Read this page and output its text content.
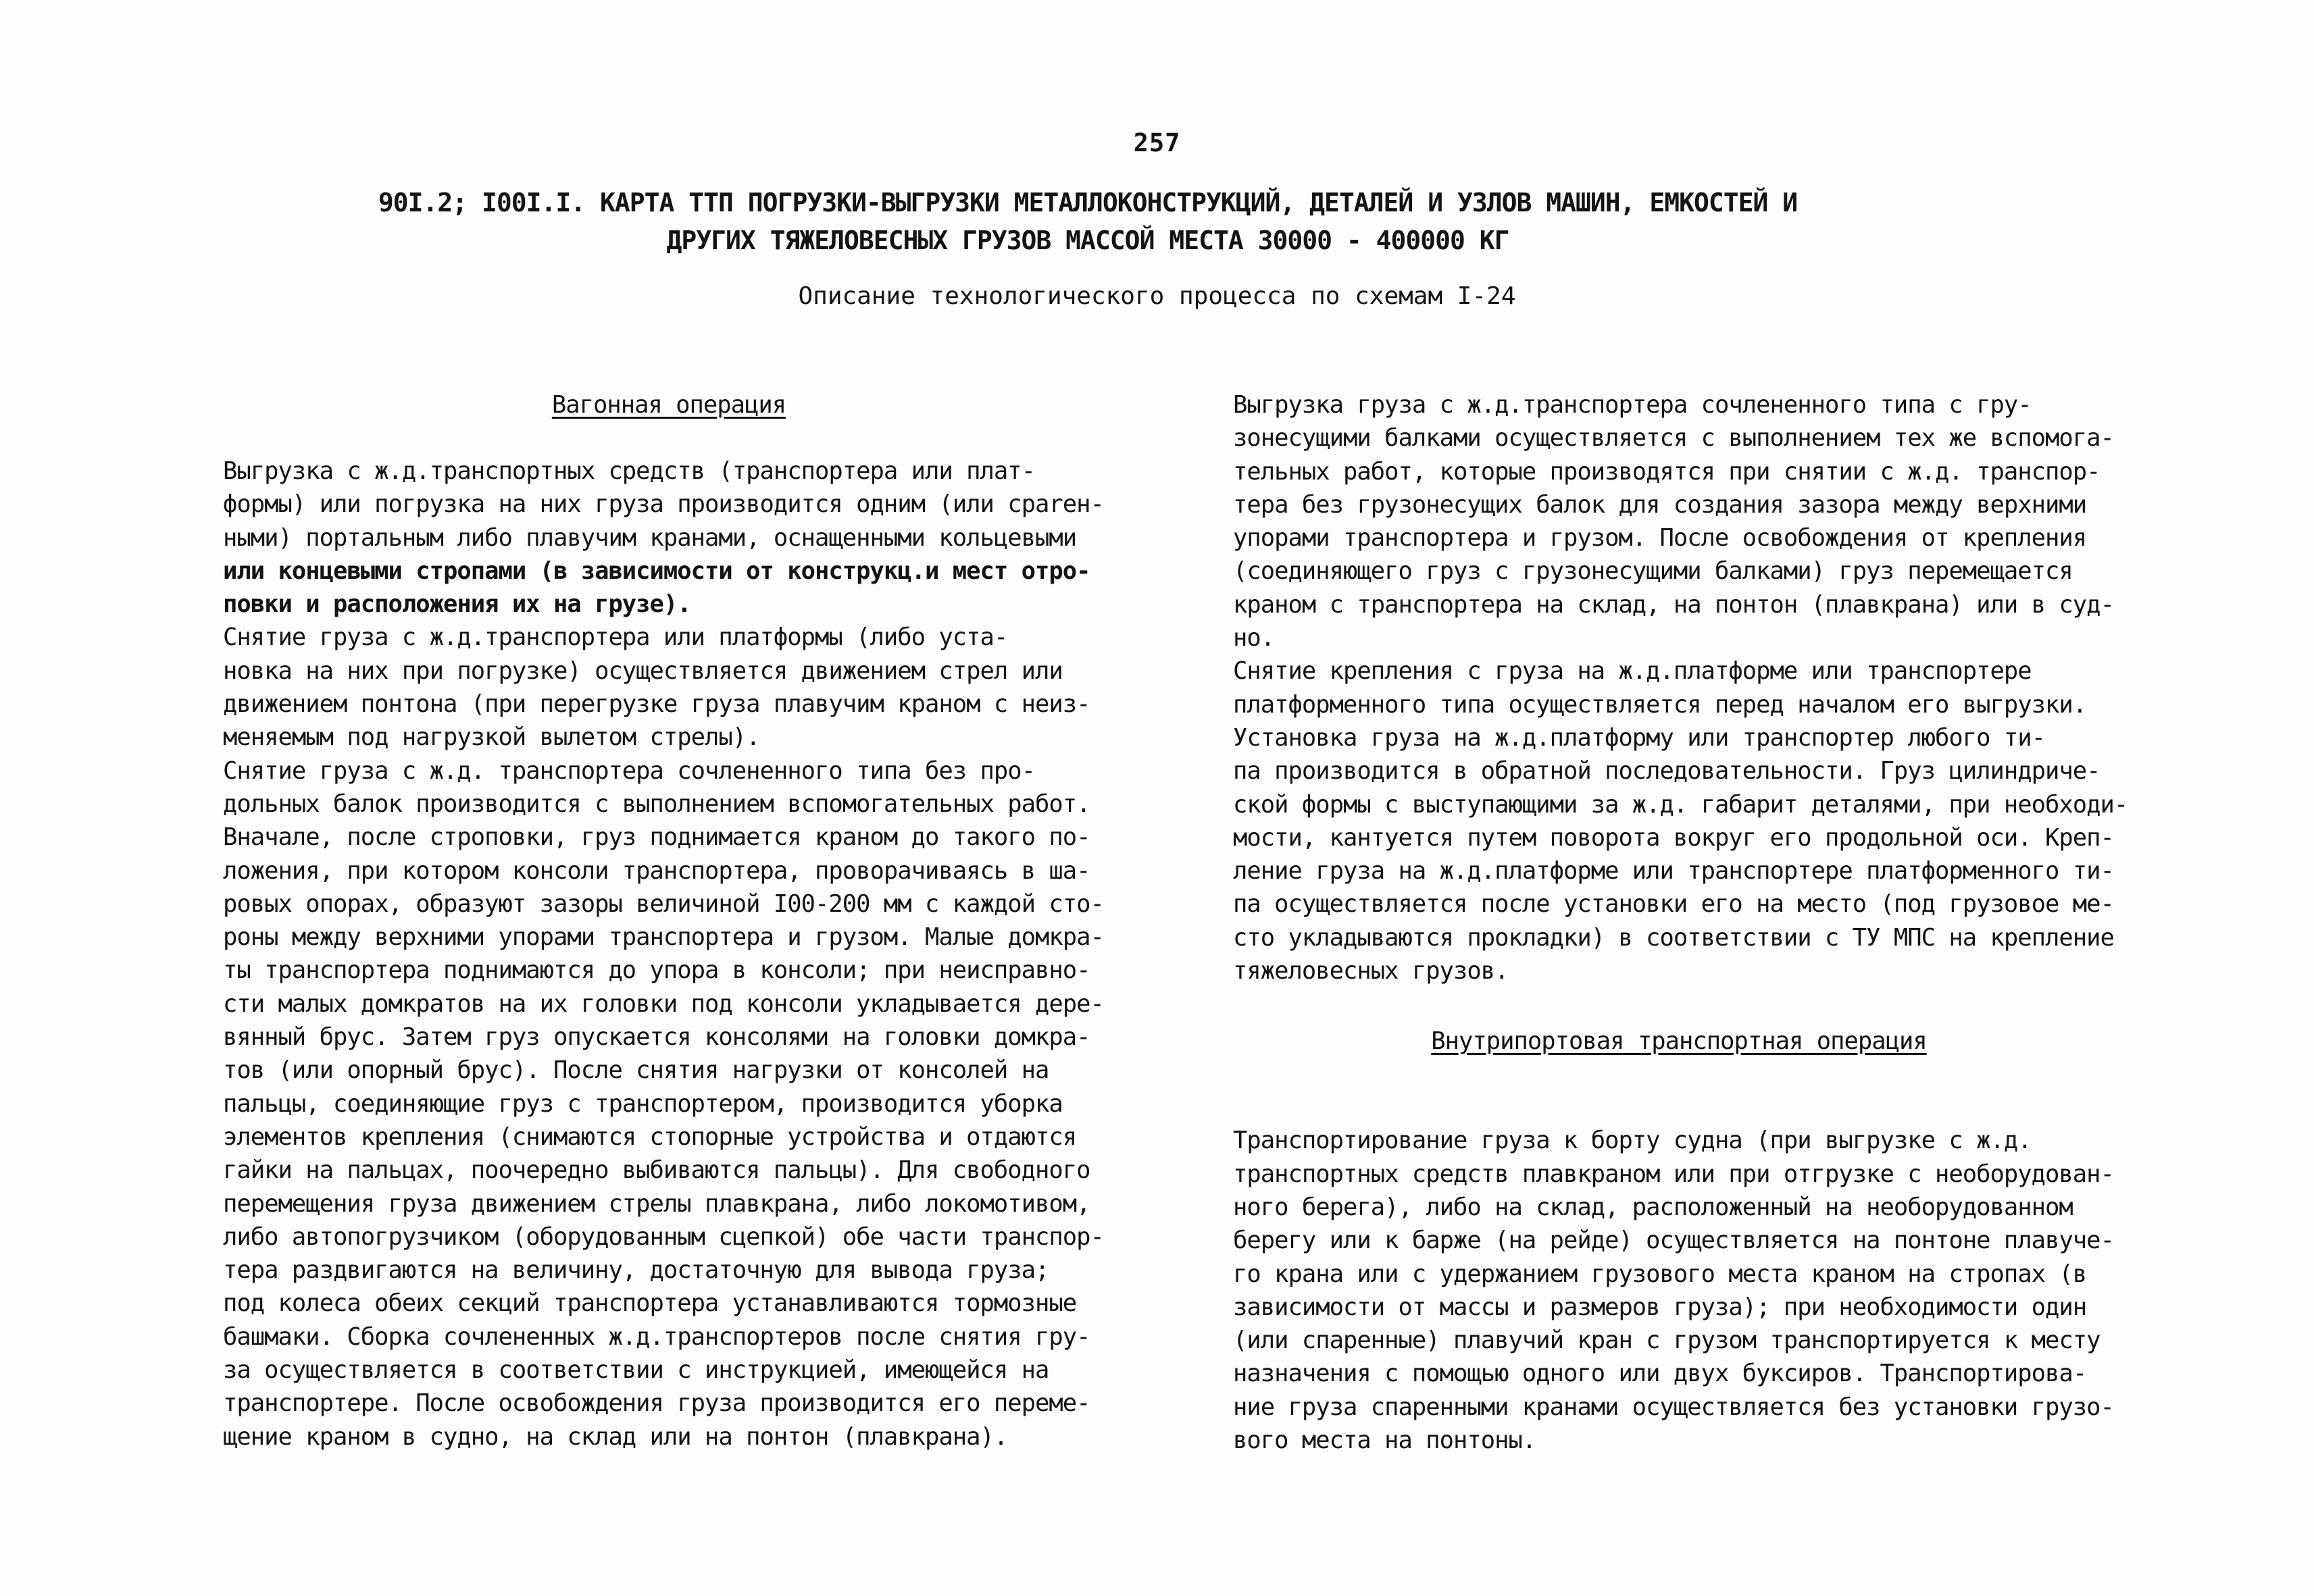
257
90I.2; I00I.I. КАРТА ТТП ПОГРУЗКИ-ВЫГРУЗКИ МЕТАЛЛОКОНСТРУКЦИЙ, ДЕТАЛЕЙ И УЗЛОВ МАШИН, ЕМКОСТЕЙ И
ДРУГИХ ТЯЖЕЛОВЕСНЫХ ГРУЗОВ МАССОЙ МЕСТА 30000 - 400000 КГ
Описание технологического процесса по схемам I-24
Вагонная операция
Выгрузка с ж.д.транспортных средств (транспортера или плат-
формы) или погрузка на них груза производится одним (или сparен-
ными) портальным либо плавучим кранами, оснащенными кольцевыми
или концевыми стропами (в зависимости от конструкц.и мест отро-
повки и расположения их на грузе).
Снятие груза с ж.д.транспортера или платформы (либо уста-
новка на них при погрузке) осуществляется движением стрел или
движением понтона (при перегрузке груза плавучим краном с неиз-
меняемым под нагрузкой вылетом стрелы).
Снятие груза с ж.д. транспортера сочлененного типа без про-
дольных балок производится с выполнением вспомогательных работ.
Вначале, после строповки, груз поднимается краном до такого по-
ложения, при котором консоли транспортера, проворачиваясь в ша-
ровых опорах, образуют зазоры величиной I00-200 мм с каждой сто-
роны между верхними упорами транспортера и грузом. Малые домкра-
ты транспортера поднимаются до упора в консоли; при неисправно-
сти малых домкратов на их головки под консоли укладывается дере-
вянный брус. Затем груз опускается консолями на головки домкра-
тов (или опорный брус). После снятия нагрузки от консолей на
пальцы, соединяющие груз с транспортером, производится уборка
элементов крепления (снимаются стопорные устройства и отдаются
гайки на пальцах, поочередно выбиваются пальцы). Для свободного
перемещения груза движением стрелы плавкрана, либо локомотивом,
либо автопогрузчиком (оборудованным сцепкой) обе части транспор-
тера раздвигаются на величину, достаточную для вывода груза;
под колеса обеих секций транспортера устанавливаются тормозные
башмаки. Сборка сочлененных ж.д.транспортеров после снятия гру-
за осуществляется в соответствии с инструкцией, имеющейся на
транспортере. После освобождения груза производится его переме-
щение краном в судно, на склад или на понтон (плавкрана).
Выгрузка груза с ж.д.транспортера сочлененного типа с гру-
зонесущими балками осуществляется с выполнением тех же вспомога-
тельных работ, которые производятся при снятии с ж.д. транспор-
тера без грузонесущих балок для создания зазора между верхними
упорами транспортера и грузом. После освобождения от крепления
(соединяющего груз с грузонесущими балками) груз перемещается
краном с транспортера на склад, на понтон (плавкрана) или в суд-
но.
Снятие крепления с груза на ж.д.платформе или транспортере
платформенного типа осуществляется перед началом его выгрузки.
Установка груза на ж.д.платформу или транспортер любого ти-
па производится в обратной последовательности. Груз цилиндриче-
ской формы с выступающими за ж.д. габарит деталями, при необходи-
мости, кантуется путем поворота вокруг его продольной оси. Креп-
ление груза на ж.д.платформе или транспортере платформенного ти-
па осуществляется после установки его на место (под грузовое ме-
сто укладываются прокладки) в соответствии с ТУ МПС на крепление
тяжеловесных грузов.
Внутрипортовая транспортная операция
Транспортирование груза к борту судна (при выгрузке с ж.д.
транспортных средств плавкраном или при отгрузке с необорудован-
ного берега), либо на склад, расположенный на необорудованном
берегу или к барже (на рейде) осуществляется на понтоне плавуче-
го крана или с удержанием грузового места краном на стропах (в
зависимости от массы и размеров груза); при необходимости один
(или спаренные) плавучий кран с грузом транспортируется к месту
назначения с помощью одного или двух буксиров. Транспортирова-
ние груза спаренными кранами осуществляется без установки грузо-
вого места на понтоны.
